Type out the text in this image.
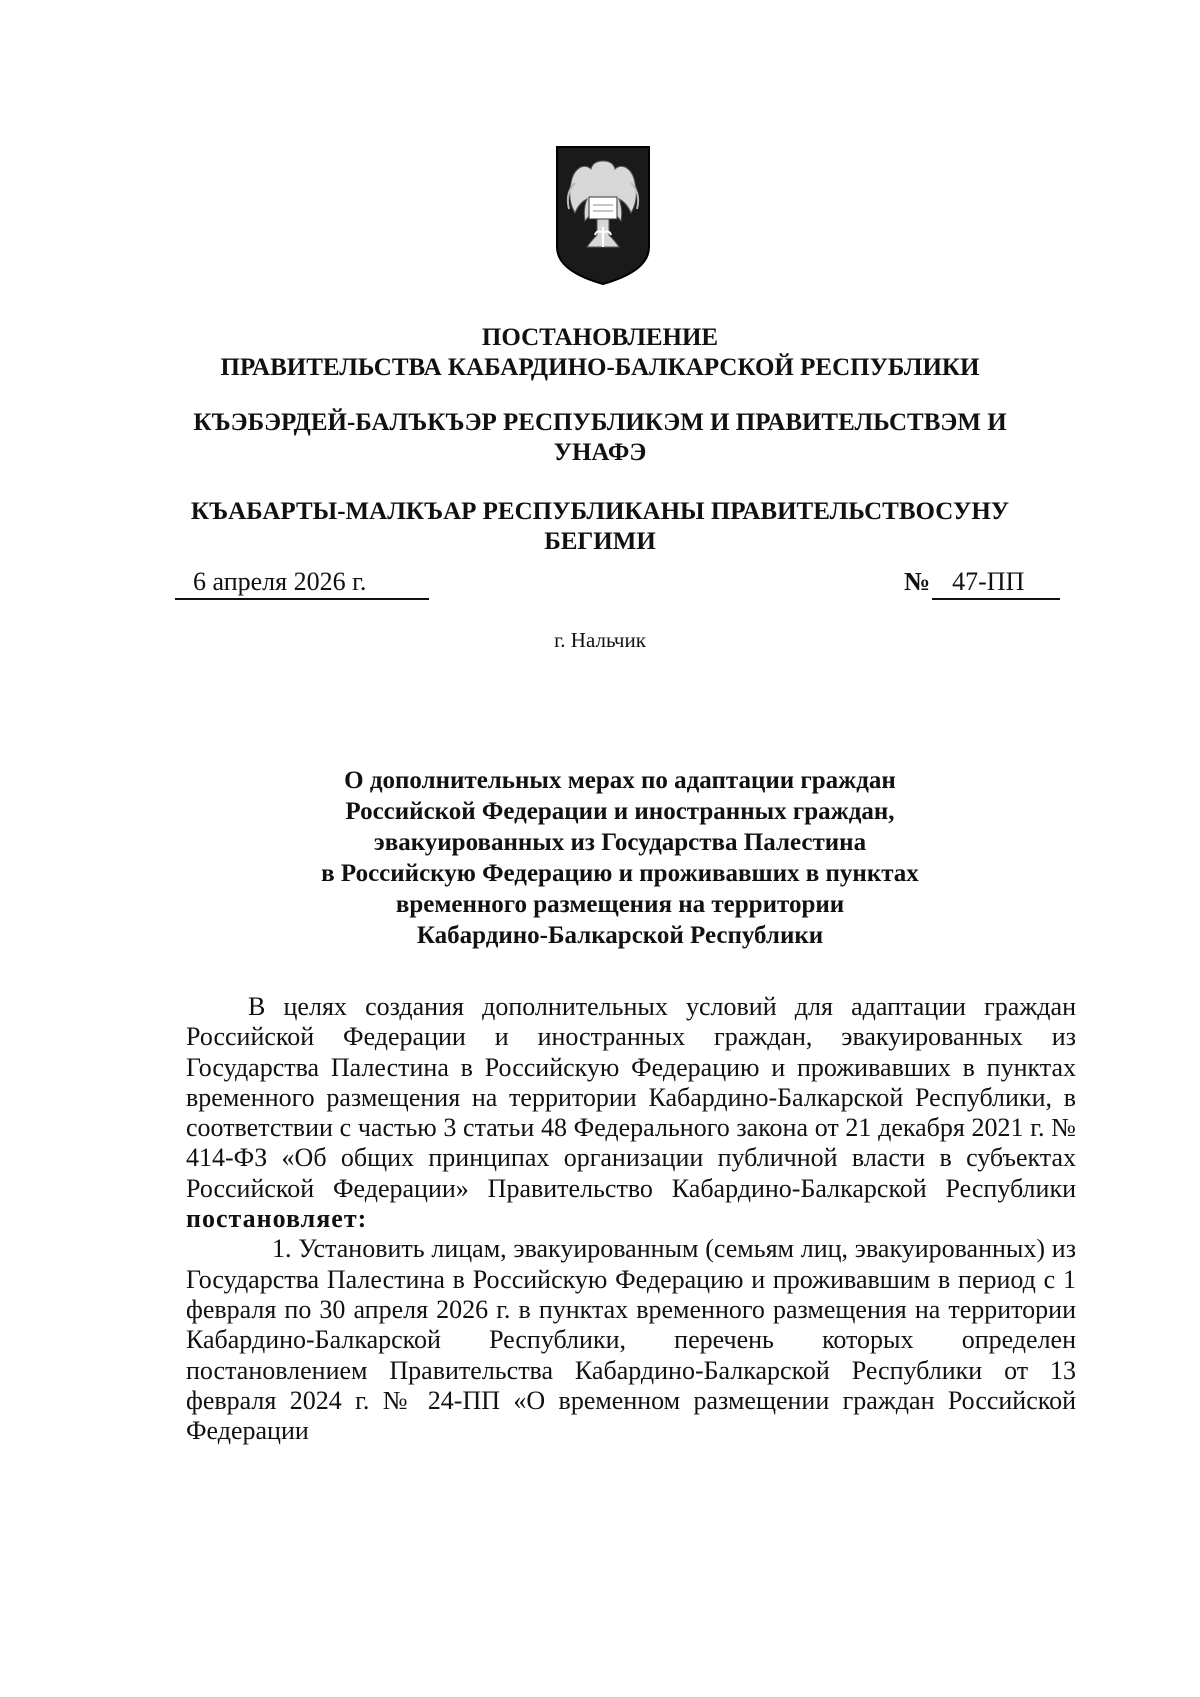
ПОСТАНОВЛЕНИЕ
ПРАВИТЕЛЬСТВА КАБАРДИНО-БАЛКАРСКОЙ РЕСПУБЛИКИ
КЪЭБЭРДЕЙ-БАЛЪКЪЭР РЕСПУБЛИКЭМ И ПРАВИТЕЛЬСТВЭМ И УНАФЭ
КЪАБАРТЫ-МАЛКЪАР РЕСПУБЛИКАНЫ ПРАВИТЕЛЬСТВОСУНУ БЕГИМИ
6 апреля 2026 г.	№ 47-ПП
г. Нальчик
О дополнительных мерах по адаптации граждан
Российской Федерации и иностранных граждан,
эвакуированных из Государства Палестина
в Российскую Федерацию и проживавших в пунктах
временного размещения на территории
Кабардино-Балкарской Республики

В целях создания дополнительных условий для адаптации граждан Российской Федерации и иностранных граждан, эвакуированных из Государства Палестина в Российскую Федерацию и проживавших в пунктах временного размещения на территории Кабардино-Балкарской Республики, в соответствии с частью 3 статьи 48 Федерального закона от 21 декабря 2021 г. № 414-ФЗ «Об общих принципах организации публичной власти в субъектах Российской Федерации» Правительство Кабардино-Балкарской Республики постановляет:

1. Установить лицам, эвакуированным (семьям лиц, эвакуированных) из Государства Палестина в Российскую Федерацию и проживавшим в период с 1 февраля по 30 апреля 2026 г. в пунктах временного размещения на территории Кабардино-Балкарской Республики, перечень которых определен постановлением Правительства Кабардино-Балкарской Республики от 13 февраля 2024 г. № 24-ПП «О временном размещении граждан Российской Федерации
